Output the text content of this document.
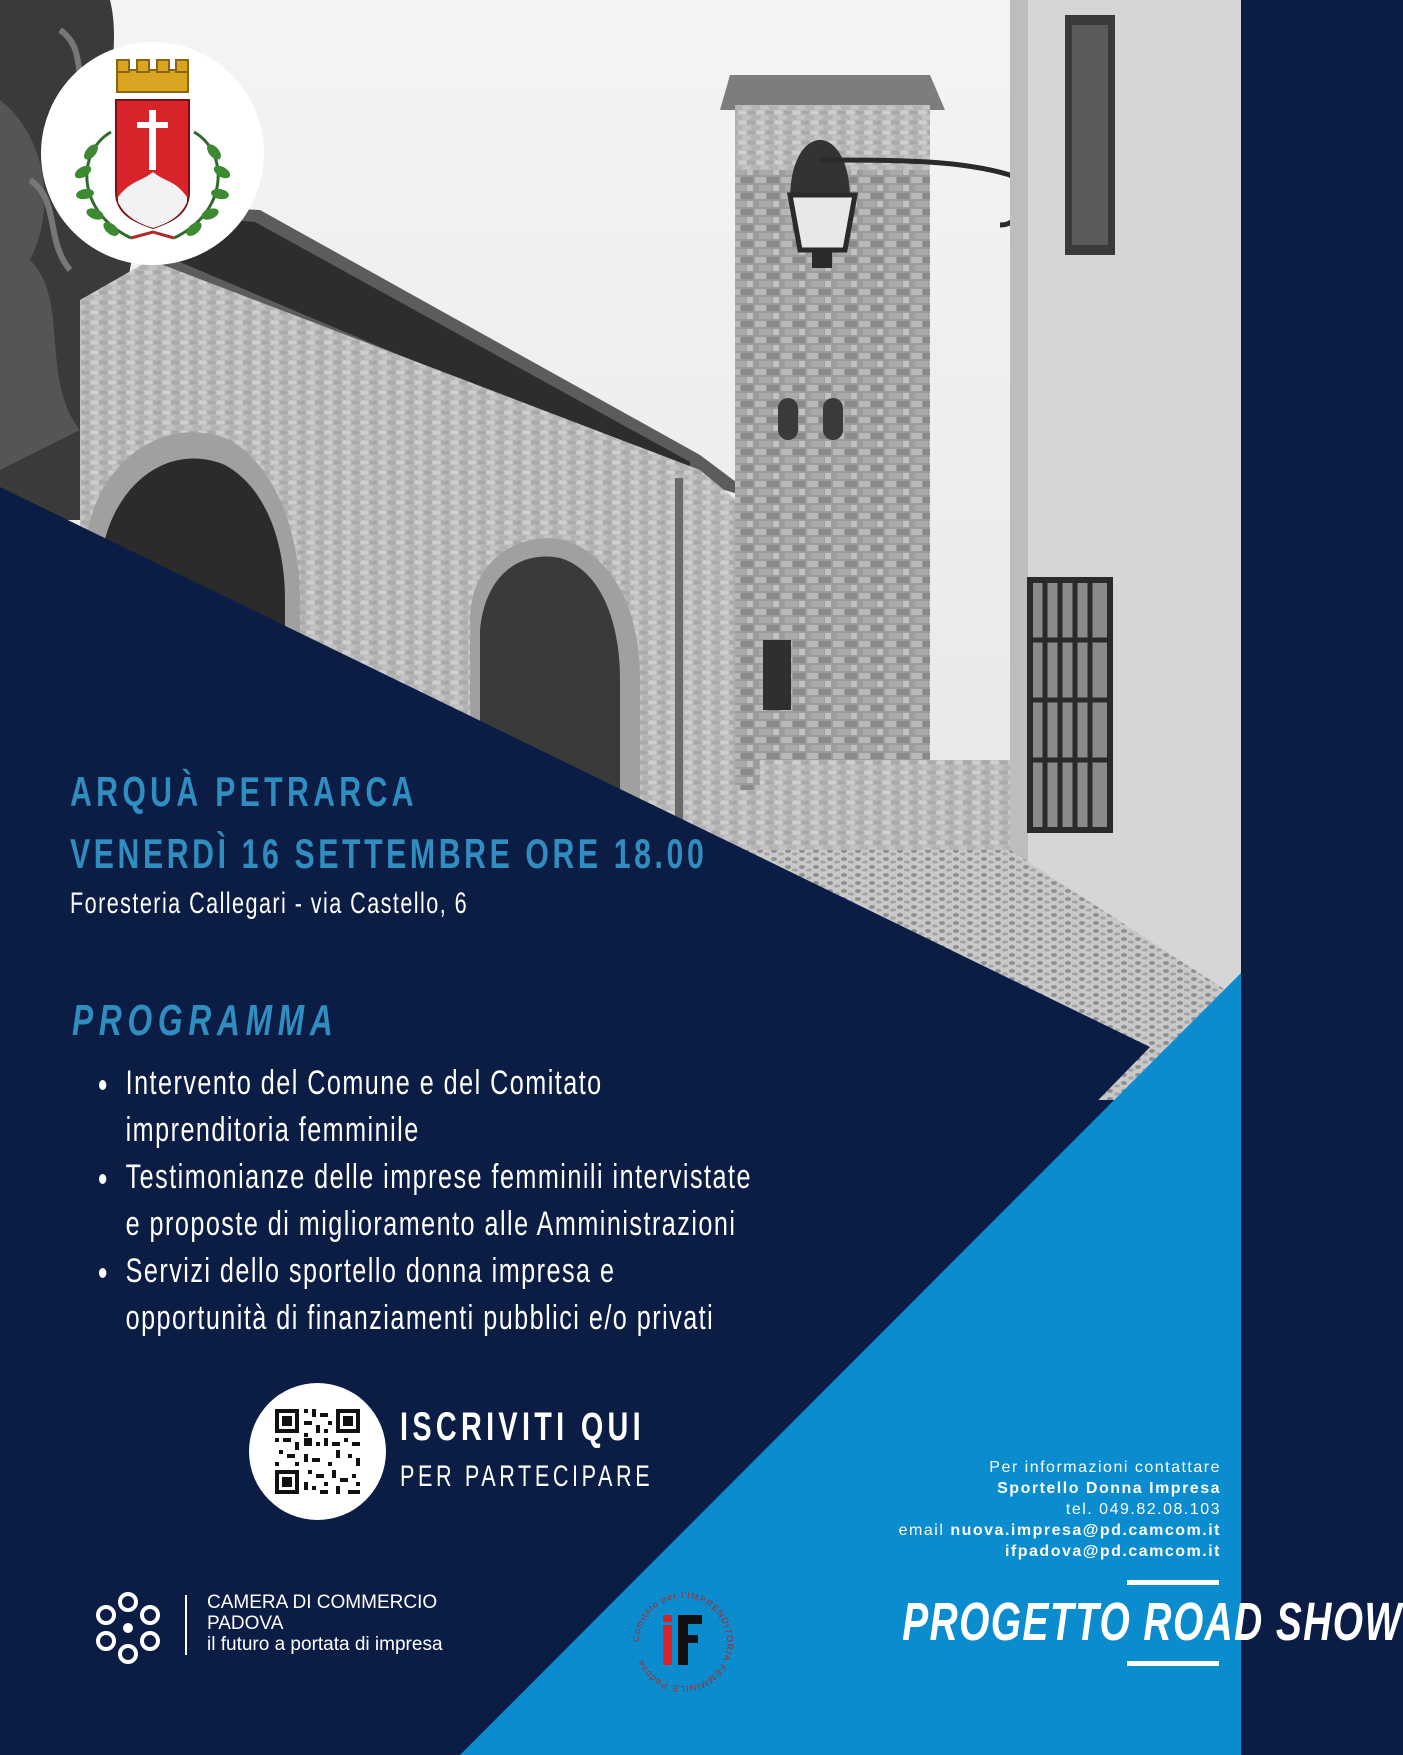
ARQUÀ PETRARCA
VENERDÌ 16 SETTEMBRE ORE 18.00
Foresteria Callegari - via Castello, 6
PROGRAMMA
Intervento del Comune e del Comitato
imprenditoria femminile
Testimonianze delle imprese femminili intervistate
e proposte di miglioramento alle Amministrazioni
Servizi dello sportello donna impresa e
opportunità di finanziamenti pubblici e/o privati
ISCRIVITI QUI
PER PARTECIPARE	Per informazioni contattare
Sportello Donna Impresa
tel. 049.82.08.103
email nuova.impresa@pd.camcom.it
ifpadova@pd.camcom.it
CAMERA DI COMMERCIO
PADOVA
il futuro a portata di impresa	Comitato per l'IMPRENDITORIA FEMMINILE Padova
PROGETTO ROAD SHOW
